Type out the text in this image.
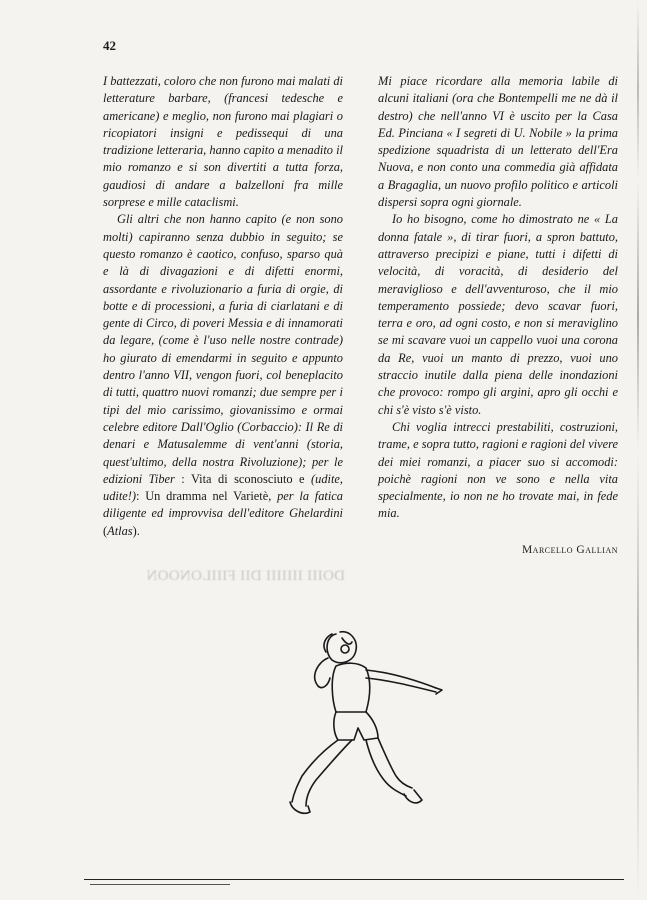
42

I battezzati, coloro che non furono mai malati di letterature barbare, (francesi tedesche e americane) e meglio, non furono mai plagiari o ricopiatori insigni e pedissequi di una tradizione letteraria, hanno capito a menadito il mio romanzo e si son divertiti a tutta forza, gaudiosi di andare a balzelloni fra mille sorprese e mille cataclismi.

Gli altri che non hanno capito (e non sono molti) capiranno senza dubbio in seguito; se questo romanzo è caotico, confuso, sparso quà e là di divagazioni e di difetti enormi, assordante e rivoluzionario a furia di orgie, di botte e di processioni, a furia di ciarlatani e di gente di Circo, di poveri Messia e di innamorati da legare, (come è l'uso nelle nostre contrade) ho giurato di emendarmi in seguito e appunto dentro l'anno VII, vengon fuori, col beneplacito di tutti, quattro nuovi romanzi; due sempre per i tipi del mio carissimo, giovanissimo e ormai celebre editore Dall'Oglio (Corbaccio): Il Re di denari e Matusalemme di vent'anni (storia, quest'ultimo, della nostra Rivoluzione); per le edizioni Tiber : Vita di sconosciuto e (udite, udite!): Un dramma nel Varietè, per la fatica diligente ed improvvisa dell'editore Ghelardini (Atlas).

Mi piace ricordare alla memoria labile di alcuni italiani (ora che Bontempelli me ne dà il destro) che nell'anno VI è uscito per la Casa Ed. Pinciana « I segreti di U. Nobile » la prima spedizione squadrista di un letterato dell'Era Nuova, e non conto una commedia già affidata a Bragaglia, un nuovo profilo politico e articoli dispersi sopra ogni giornale.

Io ho bisogno, come ho dimostrato ne « La donna fatale », di tirar fuori, a spron battuto, attraverso precipizi e piane, tutti i difetti di velocità, di voracità, di desiderio del meraviglioso e dell'avventuroso, che il mio temperamento possiede; devo scavar fuori, terra e oro, ad ogni costo, e non si meraviglino se mi scavare vuoi un cappello vuoi una corona da Re, vuoi un manto di prezzo, vuoi uno straccio inutile dalla piena delle inondazioni che provoco: rompo gli argini, apro gli occhi e chi s'è visto s'è visto.

Chi voglia intrecci prestabiliti, costruzioni, trame, e sopra tutto, ragioni e ragioni del vivere dei miei romanzi, a piacer suo si accomodi: poichè ragioni non ve sono e nella vita specialmente, io non ne ho trovate mai, in fede mia.

Marcello Gallian
DOIII IIIIIII DII FIIILONOON
